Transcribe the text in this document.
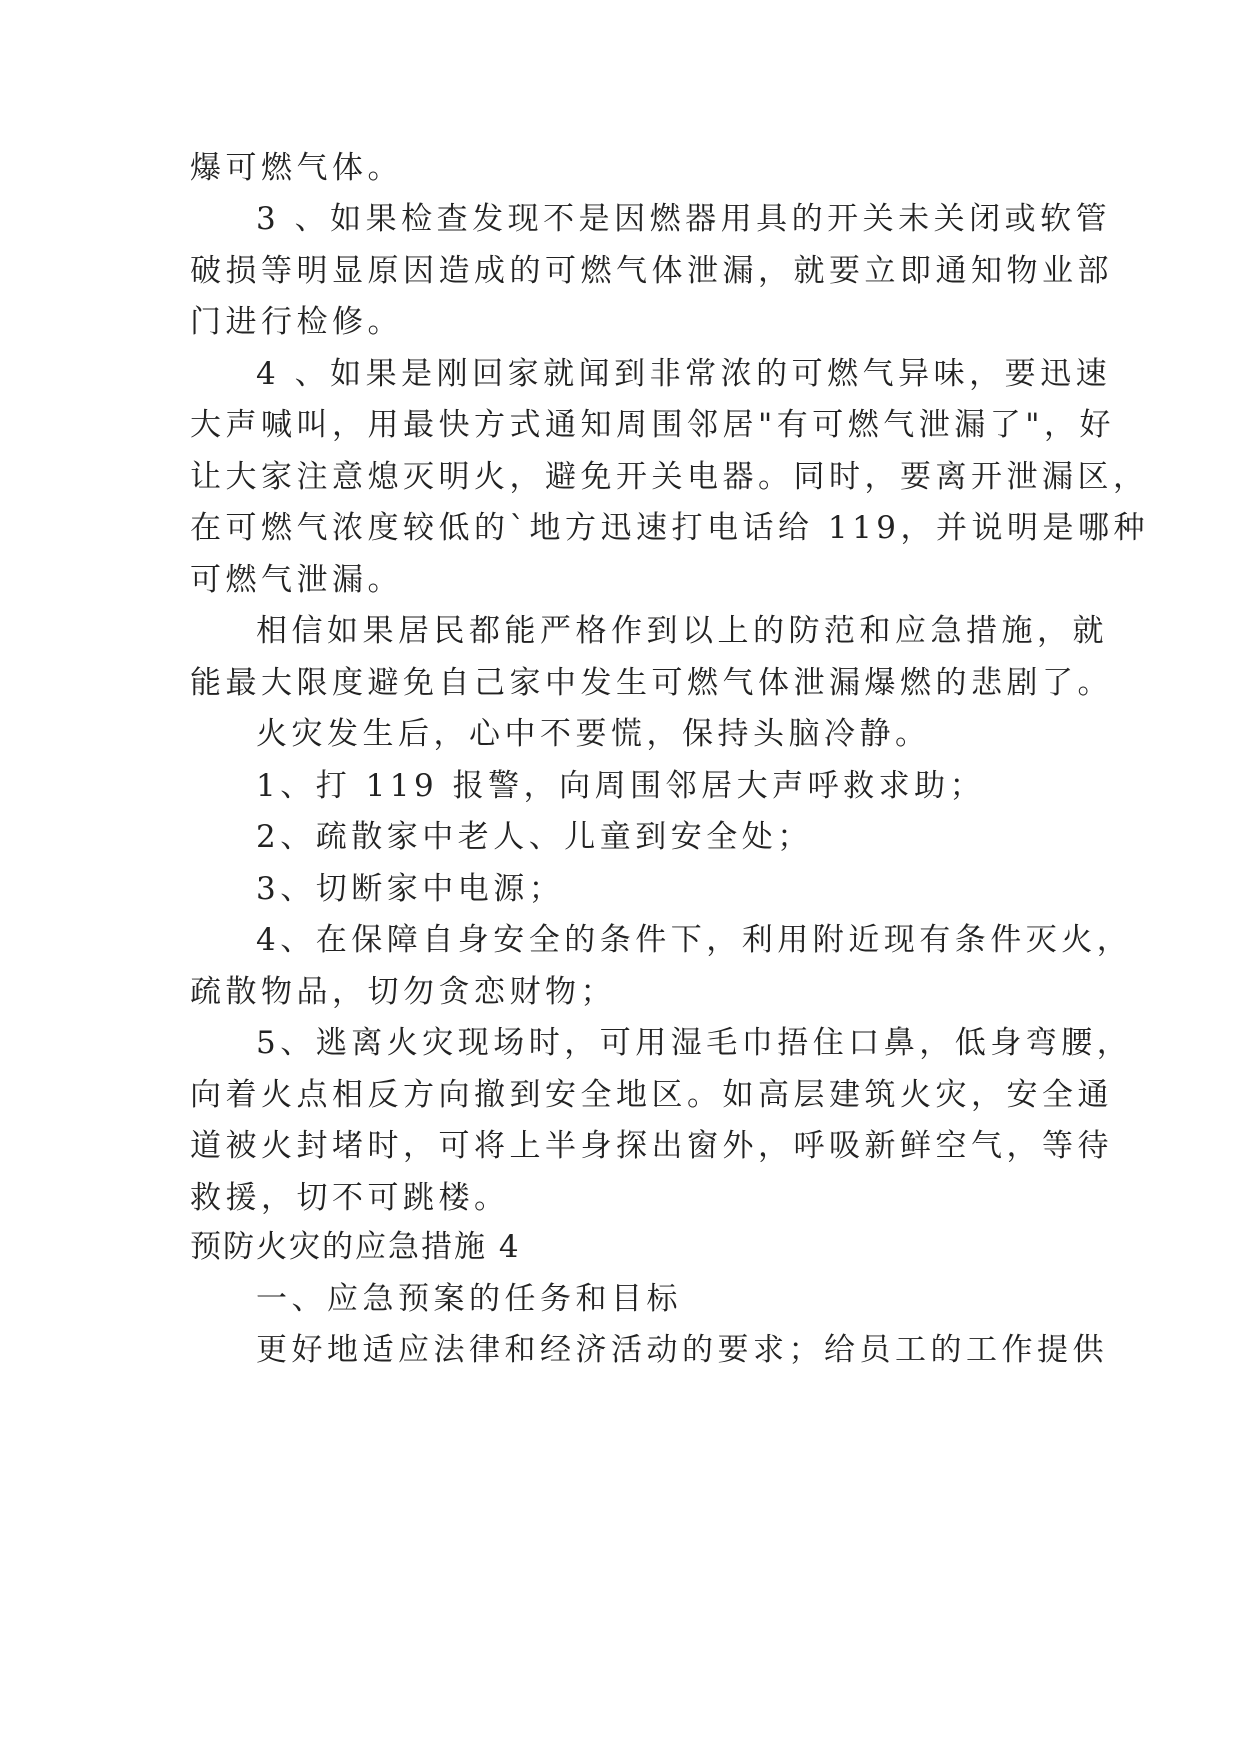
爆可燃气体。
3 、如果检查发现不是因燃器用具的开关未关闭或软管
破损等明显原因造成的可燃气体泄漏，就要立即通知物业部
门进行检修。
4 、如果是刚回家就闻到非常浓的可燃气异味，要迅速
大声喊叫，用最快方式通知周围邻居"有可燃气泄漏了"，好
让大家注意熄灭明火，避免开关电器。同时，要离开泄漏区，
在可燃气浓度较低的`地方迅速打电话给 119，并说明是哪种
可燃气泄漏。
相信如果居民都能严格作到以上的防范和应急措施，就
能最大限度避免自己家中发生可燃气体泄漏爆燃的悲剧了。
火灾发生后，心中不要慌，保持头脑冷静。
1、打 119 报警，向周围邻居大声呼救求助；
2、疏散家中老人、儿童到安全处；
3、切断家中电源；
4、在保障自身安全的条件下，利用附近现有条件灭火，
疏散物品，切勿贪恋财物；
5、逃离火灾现场时，可用湿毛巾捂住口鼻，低身弯腰，
向着火点相反方向撤到安全地区。如高层建筑火灾，安全通
道被火封堵时，可将上半身探出窗外，呼吸新鲜空气，等待
救援，切不可跳楼。
预防火灾的应急措施 4
一、应急预案的任务和目标
更好地适应法律和经济活动的要求；给员工的工作提供
